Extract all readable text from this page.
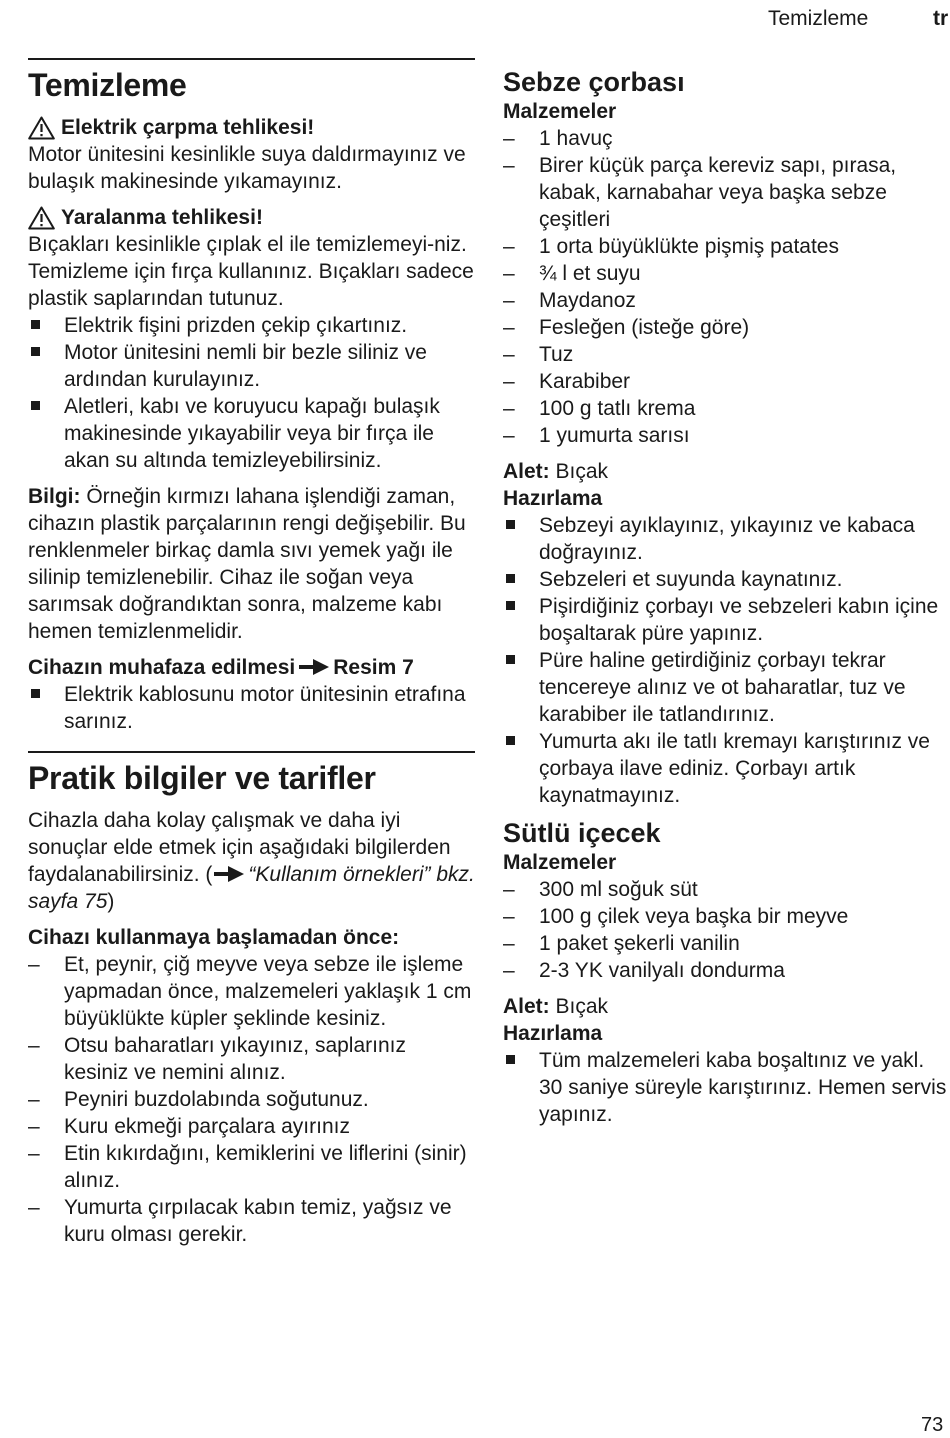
Temizleme	tr
Temizleme
Elektrik çarpma tehlikesi!

Motor ünitesini kesinlikle suya daldırmayınız ve bulaşık makinesinde yıkamayınız.

Yaralanma tehlikesi!

Bıçakları kesinlikle çıplak el ile temizlemeyi-niz. Temizleme için fırça kullanınız. Bıçakları sadece plastik saplarından tutunuz.

Elektrik fişini prizden çekip çıkartınız.
Motor ünitesini nemli bir bezle siliniz ve ardından kurulayınız.
Aletleri, kabı ve koruyucu kapağı bulaşık makinesinde yıkayabilir veya bir fırça ile akan su altında temizleyebilirsiniz.

Bilgi: Örneğin kırmızı lahana işlendiği zaman, cihazın plastik parçalarının rengi değişebilir. Bu renklenmeler birkaç damla sıvı yemek yağı ile silinip temizlenebilir. Cihaz ile soğan veya sarımsak doğrandıktan sonra, malzeme kabı hemen temizlenmelidir.

Cihazın muhafaza edilmesi Resim 7

Elektrik kablosunu motor ünitesinin etrafına sarınız.
Pratik bilgiler ve tarifler

Cihazla daha kolay çalışmak ve daha iyi sonuçlar elde etmek için aşağıdaki bilgilerden faydalanabilirsiniz. ( “Kullanım örnekleri” bkz. sayfa 75)

Cihazı kullanmaya başlamadan önce:

–	Et, peynir, çiğ meyve veya sebze ile işleme yapmadan önce, malzemeleri yaklaşık 1 cm büyüklükte küpler şeklinde kesiniz.
–	Otsu baharatları yıkayınız, saplarınız kesiniz ve nemini alınız.
–	Peyniri buzdolabında soğutunuz.
–	Kuru ekmeği parçalara ayırınız
–	Etin kıkırdağını, kemiklerini ve liflerini (sinir) alınız.
–	Yumurta çırpılacak kabın temiz, yağsız ve kuru olması gerekir.
Sebze çorbası

Malzemeler

–	1 havuç
–	Birer küçük parça kereviz sapı, pırasa, kabak, karnabahar veya başka sebze çeşitleri
–	1 orta büyüklükte pişmiş patates
–	¾ l et suyu
–	Maydanoz
–	Fesleğen (isteğe göre)
–	Tuz
–	Karabiber
–	100 g tatlı krema
–	1 yumurta sarısı

Alet: Bıçak

Hazırlama

Sebzeyi ayıklayınız, yıkayınız ve kabaca doğrayınız.
Sebzeleri et suyunda kaynatınız.
Pişirdiğiniz çorbayı ve sebzeleri kabın içine boşaltarak püre yapınız.
Püre haline getirdiğiniz çorbayı tekrar tencereye alınız ve ot baharatlar, tuz ve karabiber ile tatlandırınız.
Yumurta akı ile tatlı kremayı karıştırınız ve çorbaya ilave ediniz. Çorbayı artık kaynatmayınız.
Sütlü içecek

Malzemeler

–	300 ml soğuk süt
–	100 g çilek veya başka bir meyve
–	1 paket şekerli vanilin
–	2-3 YK vanilyalı dondurma

Alet: Bıçak

Hazırlama

Tüm malzemeleri kaba boşaltınız ve yakl. 30 saniye süreyle karıştırınız. Hemen servis yapınız.
73
